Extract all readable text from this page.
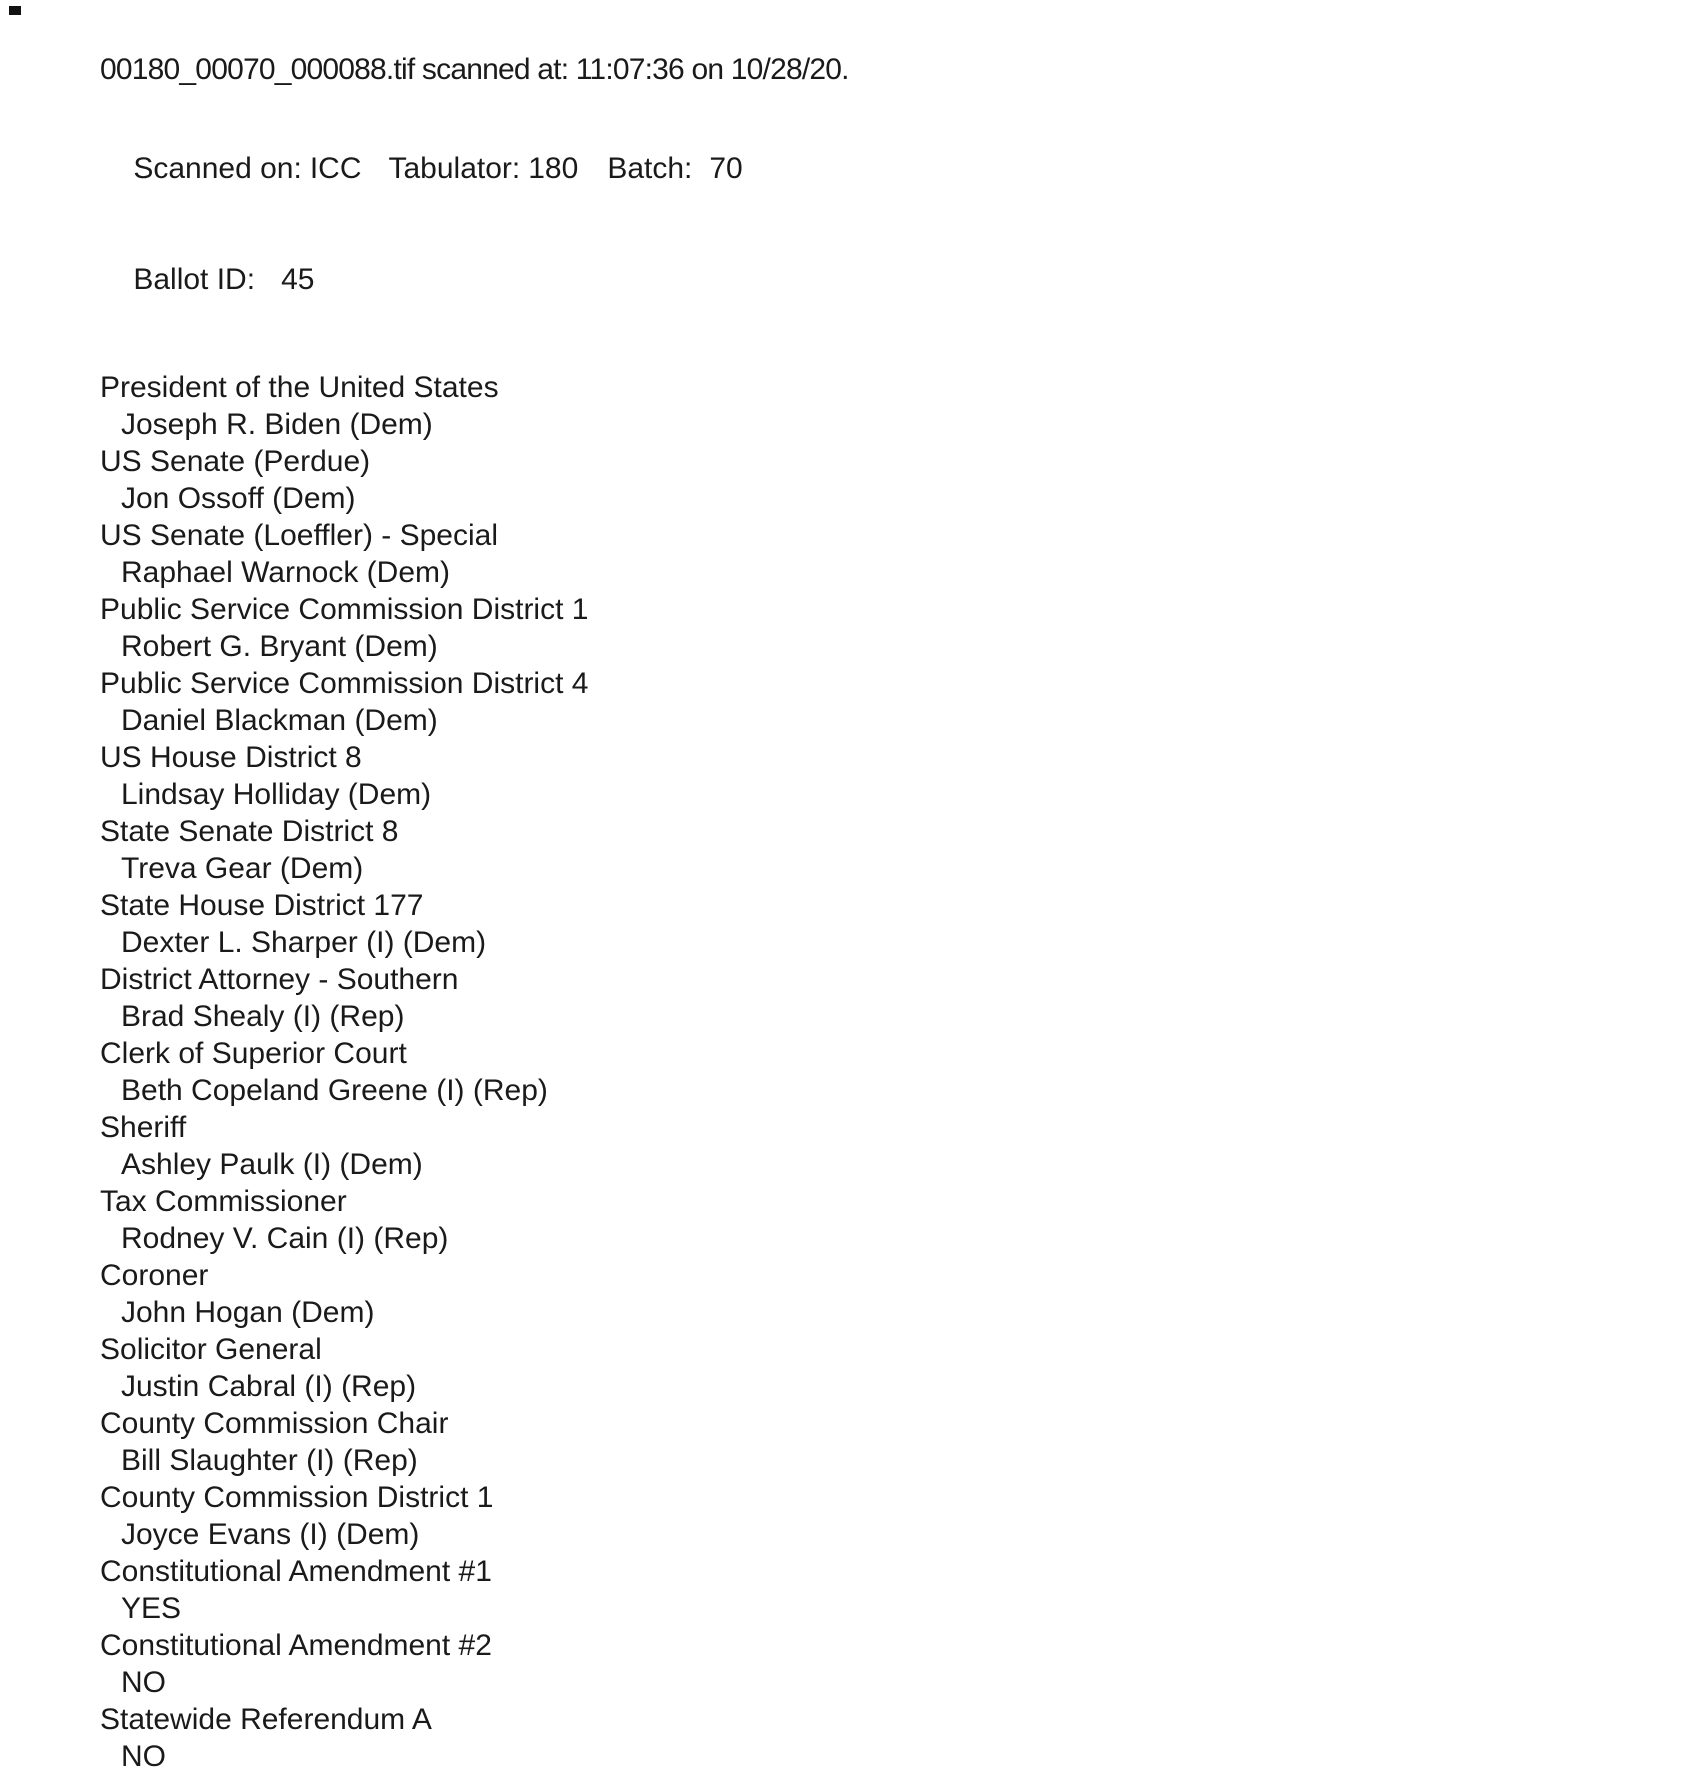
00180_00070_000088.tif scanned at: 11:07:36 on 10/28/20.

Scanned on: ICC Tabulator: 180 Batch: 70

Ballot ID: 45

President of the United States
Joseph R. Biden (Dem)
US Senate (Perdue)
Jon Ossoff (Dem)
US Senate (Loeffler) - Special
Raphael Warnock (Dem)
Public Service Commission District 1
Robert G. Bryant (Dem)
Public Service Commission District 4
Daniel Blackman (Dem)
US House District 8
Lindsay Holliday (Dem)
State Senate District 8
Treva Gear (Dem)
State House District 177
Dexter L. Sharper (I) (Dem)
District Attorney - Southern
Brad Shealy (I) (Rep)
Clerk of Superior Court
Beth Copeland Greene (I) (Rep)
Sheriff
Ashley Paulk (I) (Dem)
Tax Commissioner
Rodney V. Cain (I) (Rep)
Coroner
John Hogan (Dem)
Solicitor General
Justin Cabral (I) (Rep)
County Commission Chair
Bill Slaughter (I) (Rep)
County Commission District 1
Joyce Evans (I) (Dem)
Constitutional Amendment #1
YES
Constitutional Amendment #2
NO
Statewide Referendum A
NO
